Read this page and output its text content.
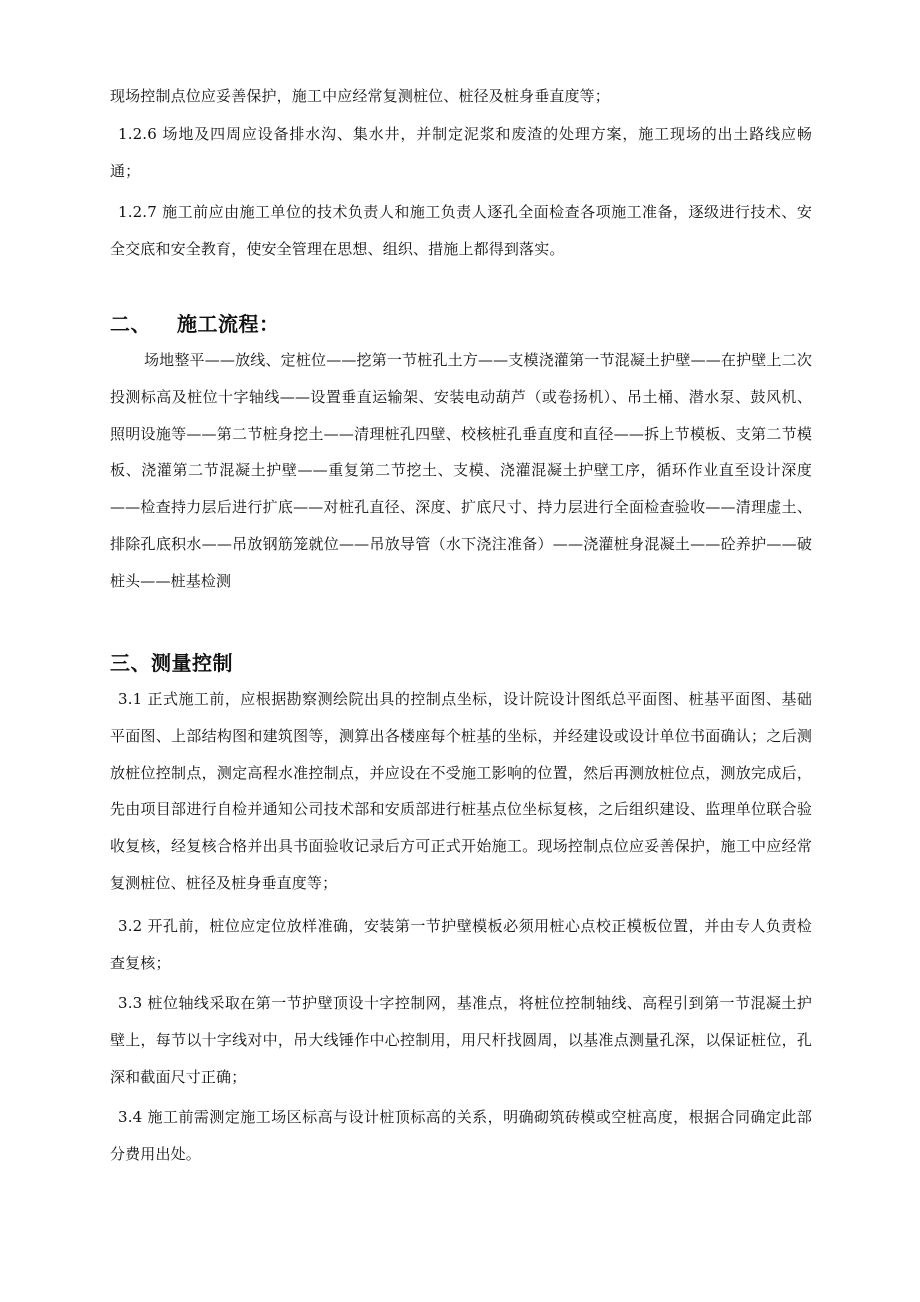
现场控制点位应妥善保护，施工中应经常复测桩位、桩径及桩身垂直度等；

1.2.6 场地及四周应设备排水沟、集水井，并制定泥浆和废渣的处理方案，施工现场的出土路线应畅通；

1.2.7 施工前应由施工单位的技术负责人和施工负责人逐孔全面检查各项施工准备，逐级进行技术、安全交底和安全教育，使安全管理在思想、组织、措施上都得到落实。

二、 施工流程：

场地整平——放线、定桩位——挖第一节桩孔土方——支模浇灌第一节混凝土护壁——在护壁上二次投测标高及桩位十字轴线——设置垂直运输架、安装电动葫芦（或卷扬机）、吊土桶、潜水泵、鼓风机、照明设施等——第二节桩身挖土——清理桩孔四壁、校核桩孔垂直度和直径——拆上节模板、支第二节模板、浇灌第二节混凝土护壁——重复第二节挖土、支模、浇灌混凝土护壁工序，循环作业直至设计深度——检查持力层后进行扩底——对桩孔直径、深度、扩底尺寸、持力层进行全面检查验收——清理虚土、排除孔底积水——吊放钢筋笼就位——吊放导管（水下浇注准备）——浇灌桩身混凝土——砼养护——破桩头——桩基检测

三、测量控制

3.1 正式施工前，应根据勘察测绘院出具的控制点坐标，设计院设计图纸总平面图、桩基平面图、基础平面图、上部结构图和建筑图等，测算出各楼座每个桩基的坐标，并经建设或设计单位书面确认；之后测放桩位控制点，测定高程水准控制点，并应设在不受施工影响的位置，然后再测放桩位点，测放完成后，先由项目部进行自检并通知公司技术部和安质部进行桩基点位坐标复核，之后组织建设、监理单位联合验收复核，经复核合格并出具书面验收记录后方可正式开始施工。现场控制点位应妥善保护，施工中应经常复测桩位、桩径及桩身垂直度等；

3.2 开孔前，桩位应定位放样准确，安装第一节护壁模板必须用桩心点校正模板位置，并由专人负责检查复核；

3.3 桩位轴线采取在第一节护壁顶设十字控制网，基准点，将桩位控制轴线、高程引到第一节混凝土护壁上，每节以十字线对中，吊大线锤作中心控制用，用尺杆找圆周，以基准点测量孔深，以保证桩位，孔深和截面尺寸正确；

3.4 施工前需测定施工场区标高与设计桩顶标高的关系，明确砌筑砖模或空桩高度，根据合同确定此部分费用出处。
